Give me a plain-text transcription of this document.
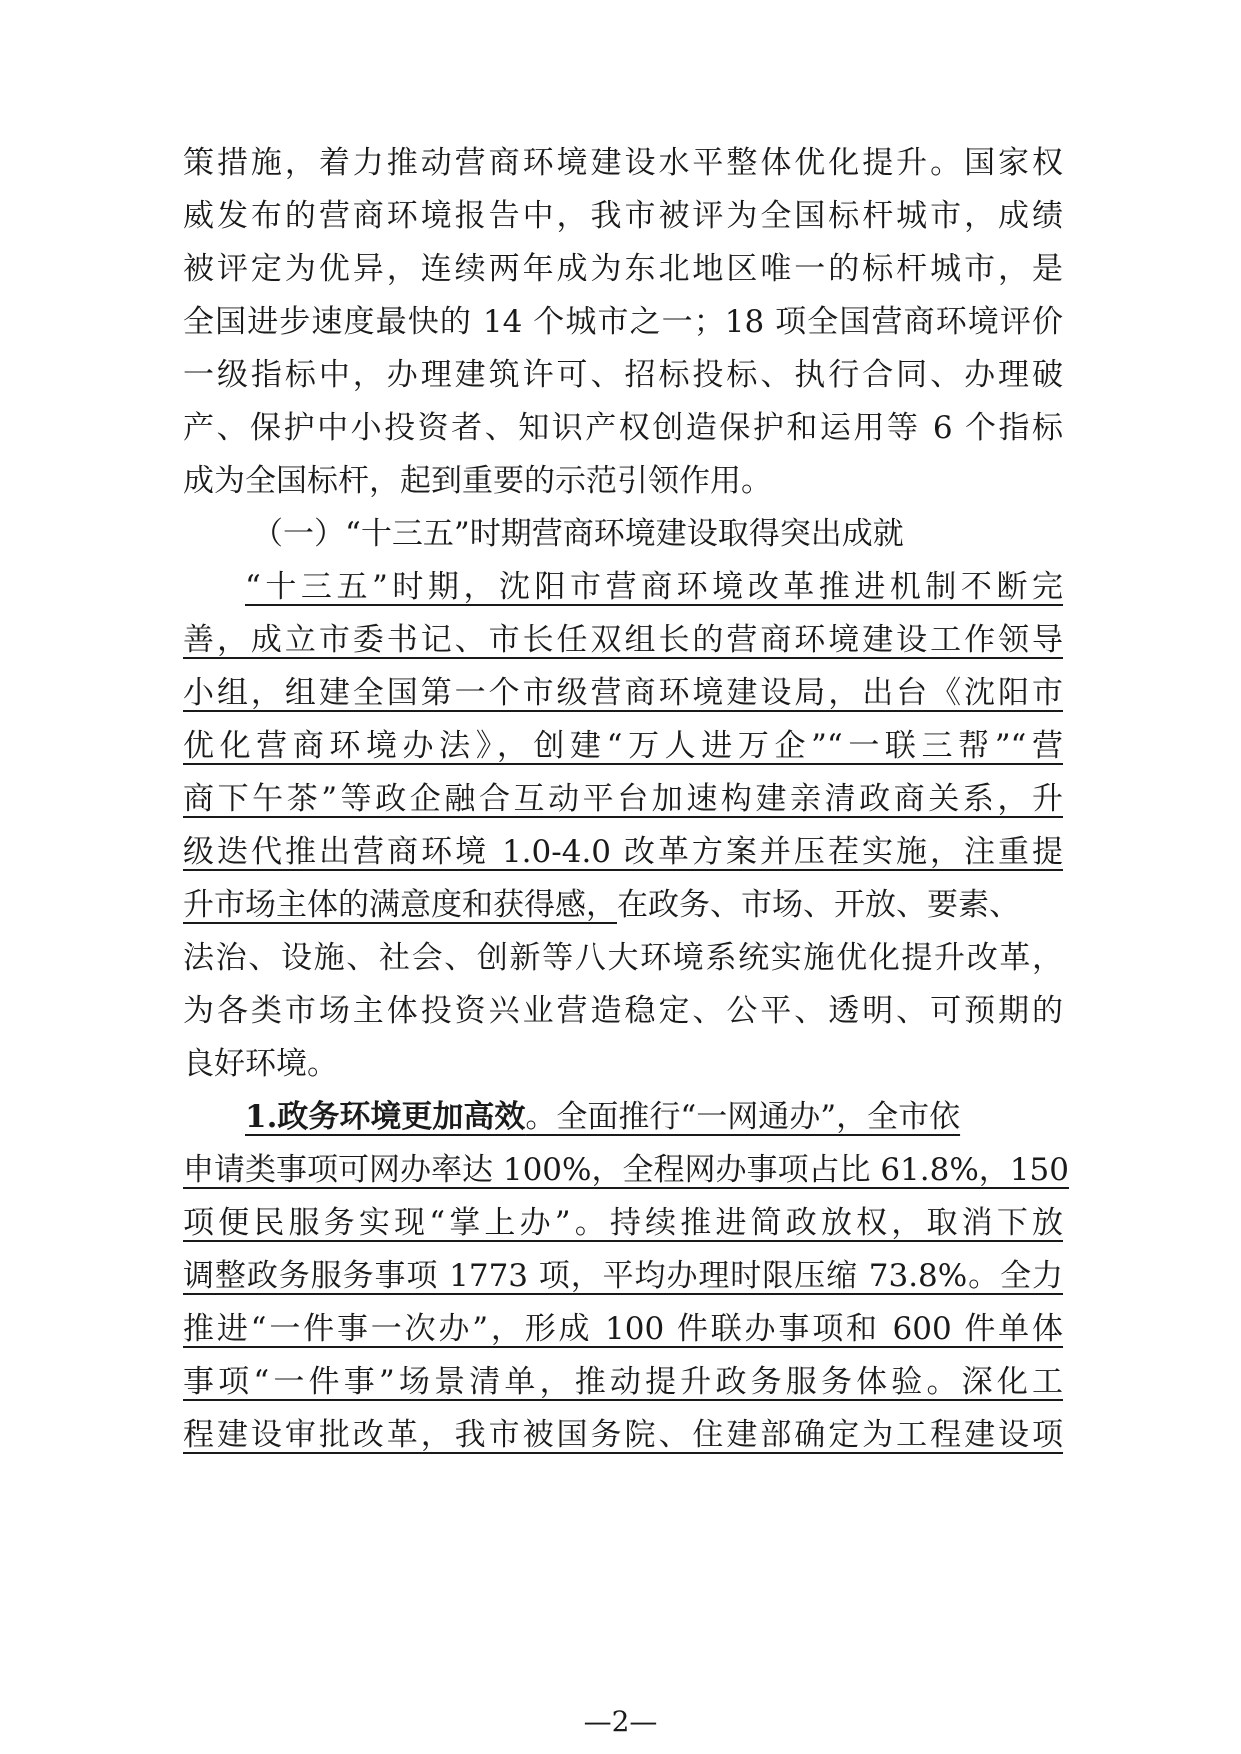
策措施，着力推动营商环境建设水平整体优化提升。国家权
威发布的营商环境报告中，我市被评为全国标杆城市，成绩
被评定为优异，连续两年成为东北地区唯一的标杆城市，是
全国进步速度最快的 14 个城市之一；18 项全国营商环境评价
一级指标中，办理建筑许可、招标投标、执行合同、办理破
产、保护中小投资者、知识产权创造保护和运用等 6 个指标
成为全国标杆，起到重要的示范引领作用。
（一）“十三五”时期营商环境建设取得突出成就
“十三五”时期，沈阳市营商环境改革推进机制不断完
善，成立市委书记、市长任双组长的营商环境建设工作领导
小组，组建全国第一个市级营商环境建设局，出台《沈阳市
优化营商环境办法》，创建“万人进万企”“一联三帮”“营
商下午茶”等政企融合互动平台加速构建亲清政商关系，升
级迭代推出营商环境 1.0-4.0 改革方案并压茬实施，注重提
升市场主体的满意度和获得感，在政务、市场、开放、要素、
法治、设施、社会、创新等八大环境系统实施优化提升改革，
为各类市场主体投资兴业营造稳定、公平、透明、可预期的
良好环境。
1.政务环境更加高效。全面推行“一网通办”，全市依
申请类事项可网办率达 100%，全程网办事项占比 61.8%，150
项便民服务实现“掌上办”。持续推进简政放权，取消下放
调整政务服务事项 1773 项，平均办理时限压缩 73.8%。全力
推进“一件事一次办”，形成 100 件联办事项和 600 件单体
事项“一件事”场景清单，推动提升政务服务体验。深化工
程建设审批改革，我市被国务院、住建部确定为工程建设项
—2—
